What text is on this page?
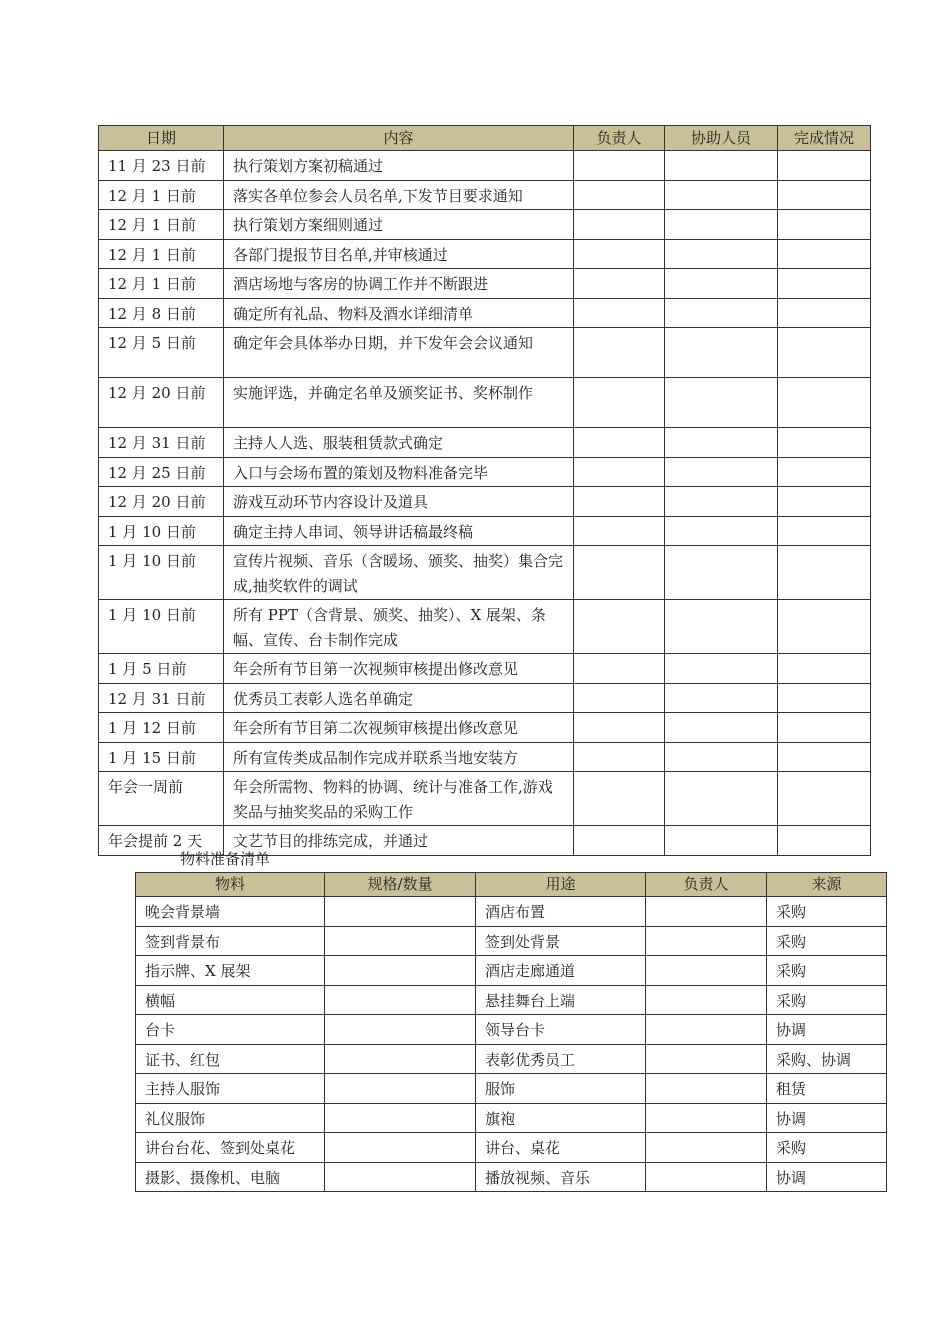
日期	内容	负责人	协助人员	完成情况
11 月 23 日前	执行策划方案初稿通过			
12 月 1 日前	落实各单位参会人员名单,下发节目要求通知			
12 月 1 日前	执行策划方案细则通过			
12 月 1 日前	各部门提报节目名单,并审核通过			
12 月 1 日前	酒店场地与客房的协调工作并不断跟进			
12 月 8 日前	确定所有礼品、物料及酒水详细清单			
12 月 5 日前	确定年会具体举办日期，并下发年会会议通知			
12 月 20 日前	实施评选，并确定名单及颁奖证书、奖杯制作			
12 月 31 日前	主持人人选、服装租赁款式确定			
12 月 25 日前	入口与会场布置的策划及物料准备完毕			
12 月 20 日前	游戏互动环节内容设计及道具			
1 月 10 日前	确定主持人串词、领导讲话稿最终稿			
1 月 10 日前	宣传片视频、音乐（含暖场、颁奖、抽奖）集合完成,抽奖软件的调试			
1 月 10 日前	所有 PPT（含背景、颁奖、抽奖）、X 展架、条幅、宣传、台卡制作完成			
1 月 5 日前	年会所有节目第一次视频审核提出修改意见			
12 月 31 日前	优秀员工表彰人选名单确定			
1 月 12 日前	年会所有节目第二次视频审核提出修改意见			
1 月 15 日前	所有宣传类成品制作完成并联系当地安装方			
年会一周前	年会所需物、物料的协调、统计与准备工作,游戏奖品与抽奖奖品的采购工作			
年会提前 2 天	文艺节目的排练完成，并通过			
物料准备清单
物料	规格/数量	用途	负责人	来源
晚会背景墙		酒店布置		采购
签到背景布		签到处背景		采购
指示牌、X 展架		酒店走廊通道		采购
横幅		悬挂舞台上端		采购
台卡		领导台卡		协调
证书、红包		表彰优秀员工		采购、协调
主持人服饰		服饰		租赁
礼仪服饰		旗袍		协调
讲台台花、签到处桌花		讲台、桌花		采购
摄影、摄像机、电脑		播放视频、音乐		协调
